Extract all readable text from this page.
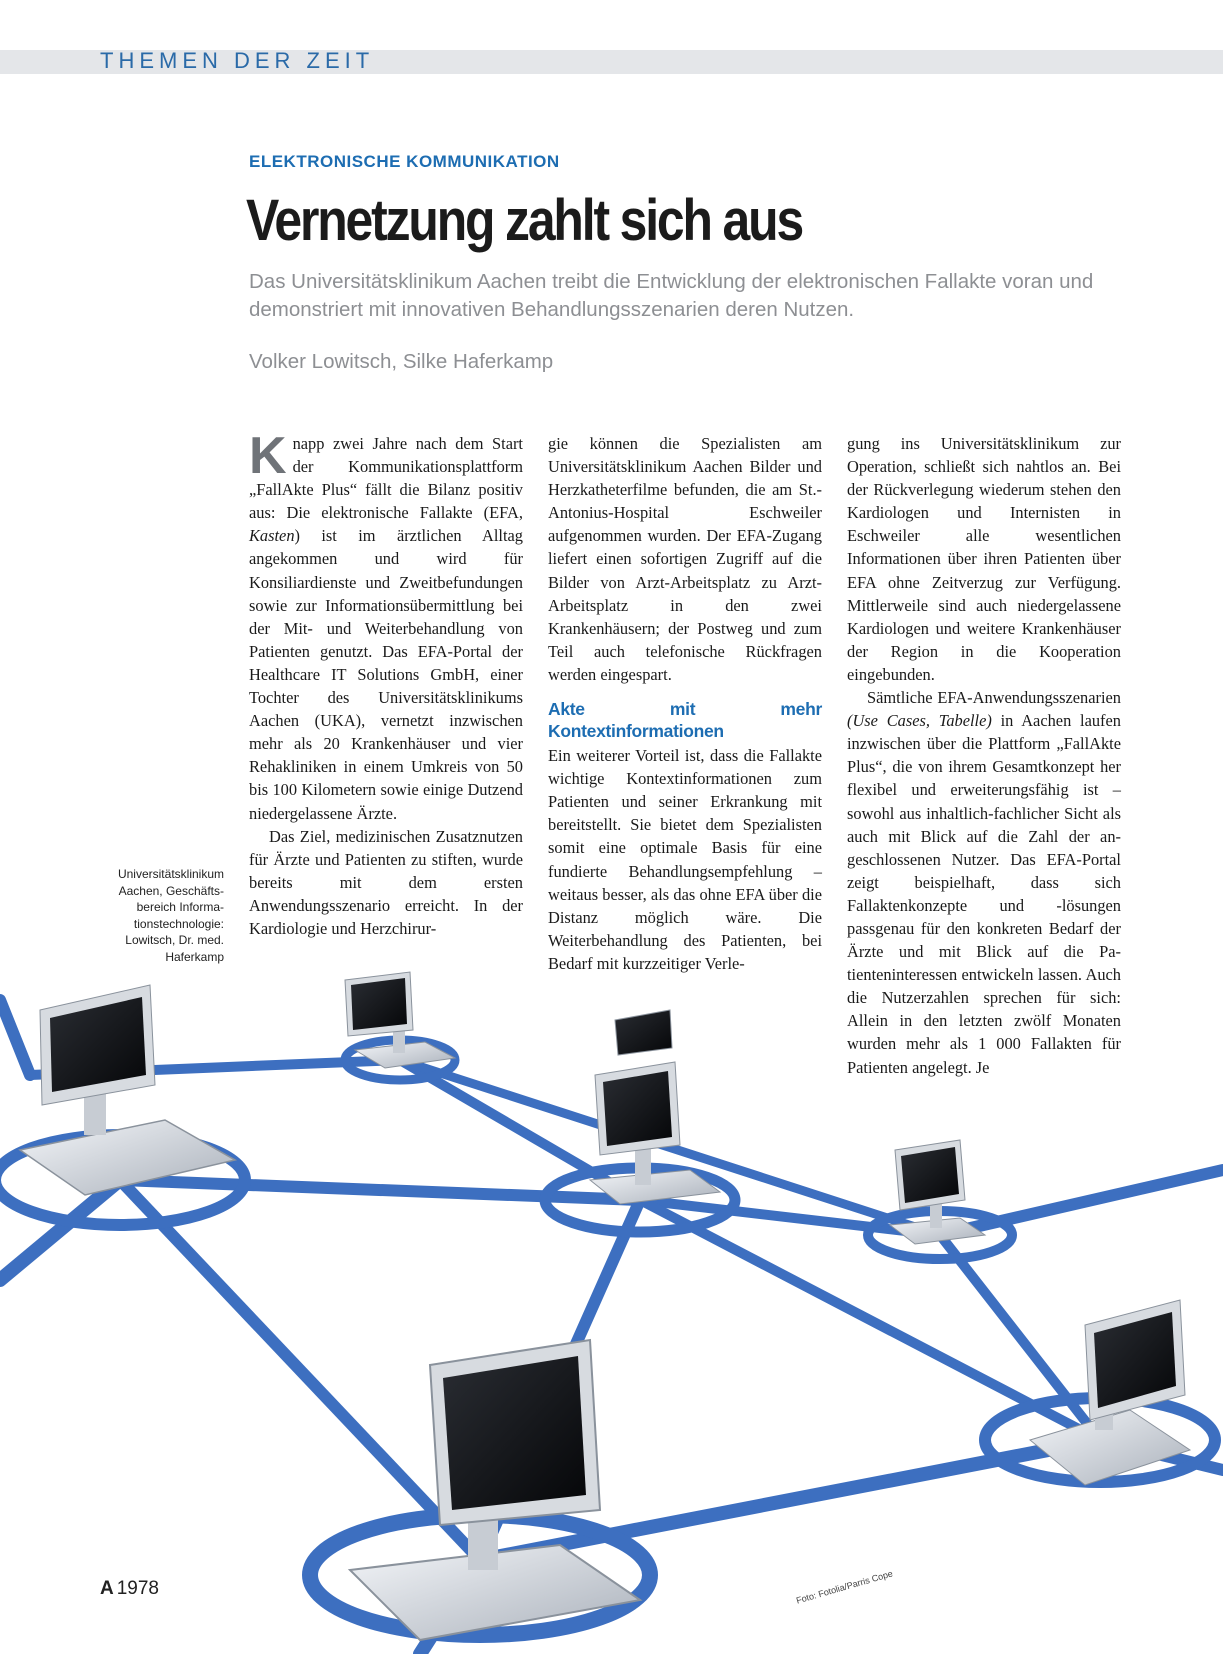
THEMEN DER ZEIT
ELEKTRONISCHE KOMMUNIKATION
Vernetzung zahlt sich aus
Das Universitätsklinikum Aachen treibt die Entwicklung der elektronischen Fallakte voran und demonstriert mit innovativen Behandlungsszenarien deren Nutzen.
Volker Lowitsch, Silke Haferkamp

Knapp zwei Jahre nach dem Start der Kommunikationsplattform „FallAkte Plus“ fällt die Bilanz positiv aus: Die elektronische Fallakte (EFA, Kasten) ist im ärztlichen Alltag angekommen und wird für Konsiliardienste und Zweitbefundungen sowie zur Informationsübermittlung bei der Mit- und Weiterbehandlung von Patienten genutzt. Das EFA-Portal der Healthcare IT Solutions GmbH, einer Tochter des Universitätsklinikums Aachen (UKA), vernetzt inzwischen mehr als 20 Krankenhäuser und vier Rehakliniken in einem Umkreis von 50 bis 100 Kilometern sowie einige Dutzend niedergelassene Ärzte.

Das Ziel, medizinischen Zusatznutzen für Ärzte und Patienten zu stiften, wurde bereits mit dem ersten Anwendungsszenario erreicht. In der Kardiologie und Herzchirur-

gie können die Spezialisten am Universitätsklinikum Aachen Bilder und Herzkatheterfilme befunden, die am St.-Antonius-Hospital Eschweiler aufgenommen wurden. Der EFA-Zugang liefert einen sofortigen Zugriff auf die Bilder von Arzt-Arbeitsplatz zu Arzt-Arbeitsplatz in den zwei Krankenhäusern; der Postweg und zum Teil auch telefonische Rückfragen werden eingespart.

Akte mit mehr Kontextinformationen

Ein weiterer Vorteil ist, dass die Fallakte wichtige Kontextinformationen zum Patienten und seiner Erkrankung mit bereitstellt. Sie bietet dem Spezialisten somit eine optimale Basis für eine fundierte Behandlungsempfehlung – weitaus besser, als das ohne EFA über die Distanz möglich wäre. Die Weiterbehandlung des Patienten, bei Bedarf mit kurzzeitiger Verle-

gung ins Universitätsklinikum zur Operation, schließt sich nahtlos an. Bei der Rückverlegung wiederum stehen den Kardiologen und Internisten in Eschweiler alle wesentlichen Informationen über ihren Patienten über EFA ohne Zeitverzug zur Verfügung. Mittlerweile sind auch niedergelassene Kardiologen und weitere Krankenhäuser der Region in die Kooperation eingebunden.

Sämtliche EFA-Anwendungsszenarien (Use Cases, Tabelle) in Aachen laufen inzwischen über die Plattform „FallAkte Plus“, die von ihrem Gesamtkonzept her flexibel und erweiterungsfähig ist – sowohl aus inhaltlich-fachlicher Sicht als auch mit Blick auf die Zahl der angeschlossenen Nutzer. Das EFA-Portal zeigt beispielhaft, dass sich Fallaktenkonzepte und -lösungen passgenau für den konkreten Bedarf der Ärzte und mit Blick auf die Patienteninteressen entwickeln lassen. Auch die Nutzerzahlen sprechen für sich: Allein in den letzten zwölf Monaten wurden mehr als 1 000 Fallakten für Patienten angelegt. Je

Universitätsklinikum Aachen, Geschäftsbereich Informationstechnologie: Lowitsch, Dr. med. Haferkamp
Foto: Fotolia/Parris Cope
A 1978
